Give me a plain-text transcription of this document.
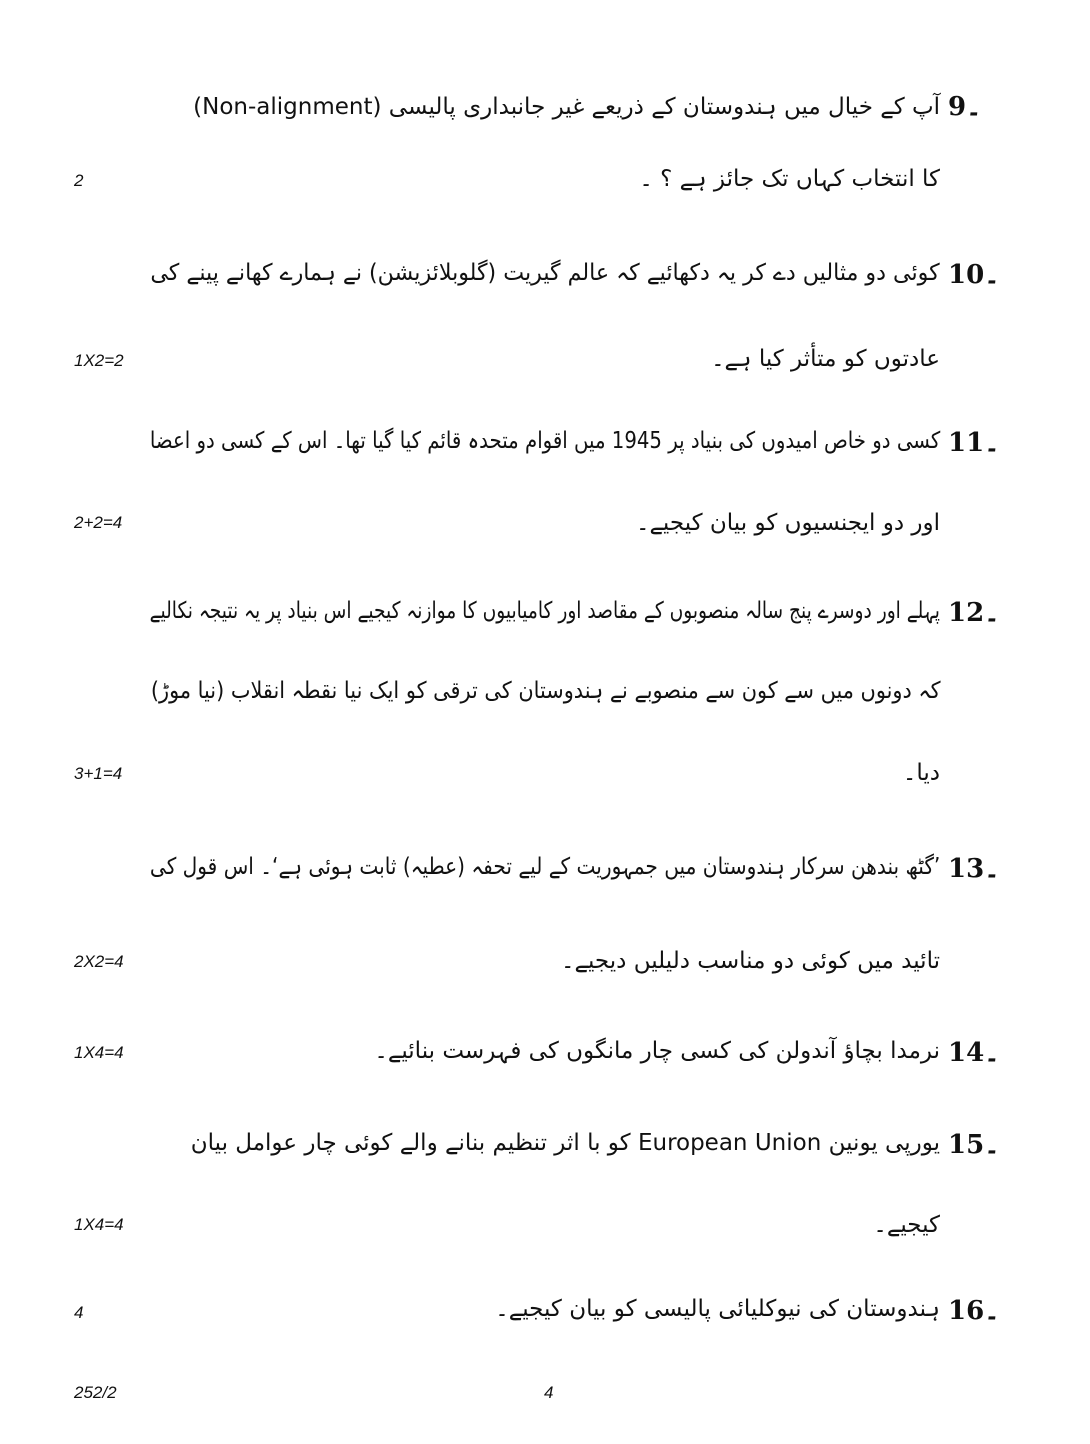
9۔
آپ کے خیال میں ہندوستان کے ذریعے غیر جانبداری پالیسی (Non-alignment)
کا انتخاب کہاں تک جائز ہے ؟ ۔
2
10۔
کوئی دو مثالیں دے کر یہ دکھائیے کہ عالم گیریت (گلوبلائزیشن) نے ہمارے کھانے پینے کی
عادتوں کو متأثر کیا ہے۔
1X2=2
11۔
کسی دو خاص امیدوں کی بنیاد پر 1945 میں اقوام متحدہ قائم کیا گیا تھا۔ اس کے کسی دو اعضا
اور دو ایجنسیوں کو بیان کیجیے۔
2+2=4
12۔
پہلے اور دوسرے پنج سالہ منصوبوں کے مقاصد اور کامیابیوں کا موازنہ کیجیے اس بنیاد پر یہ نتیجہ نکالیے
کہ دونوں میں سے کون سے منصوبے نے ہندوستان کی ترقی کو ایک نیا نقطہ انقلاب (نیا موڑ)
دیا۔
3+1=4
13۔
’گٹھ بندھن سرکار ہندوستان میں جمہوریت کے لیے تحفہ (عطیہ) ثابت ہوئی ہے‘۔ اس قول کی
تائید میں کوئی دو مناسب دلیلیں دیجیے۔
2X2=4
14۔
نرمدا بچاؤ آندولن کی کسی چار مانگوں کی فہرست بنائیے۔
1X4=4
15۔
یورپی یونین European Union کو با اثر تنظیم بنانے والے کوئی چار عوامل بیان
کیجیے۔
1X4=4
16۔
ہندوستان کی نیوکلیائی پالیسی کو بیان کیجیے۔
4
252/2	4
